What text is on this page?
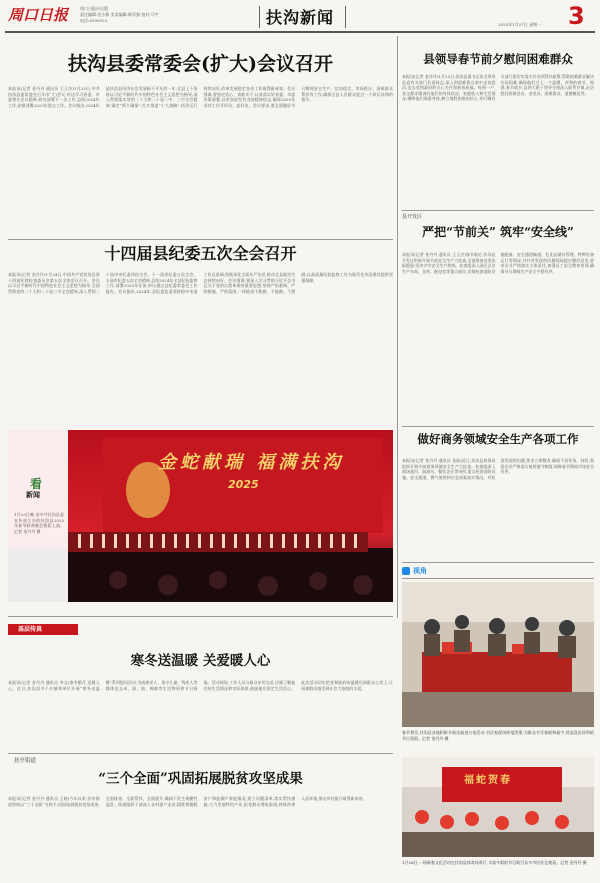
周口日报	周口日报社出版
责任编辑:范小静 美术编辑:路军强 校对:马宇
电话:6199923	扶沟新闻	2025年1月27日 星期一 3
扶沟县委常委会(扩大)会议召开
本报讯(记者 金丹丹 通讯员 王玉杰)1月23日,中共扶沟县委常委会召开(扩大)会议,传达学习省委、市委相关会议精神,研究部署下一步工作,总结2024年工作,安排部署2025年重点工作。会议指出,2024年是扶沟县经济社会发展极不平凡的一年,全县上下坚持以习近平新时代中国特色社会主义思想为指导,深入贯彻落实党的二十大和二十届二中、三中全会精神,锚定“两个确保”,扎实推进“十大战略”,经济运行持续向好,改革发展稳定各项工作取得新成效。会议强调,要坚定信心、真抓实干,认真落实好省委、市委决策部署,以更加奋发有为的精神状态,确保2025年各项工作开好局、起好步。会议要求,要全面做好节日期间安全生产、信访稳定、市场供应、困难群众帮扶等工作,确保全县人民群众度过一个欢乐祥和的春节。
十四届县纪委五次全会召开
本报讯(记者 金丹丹)1月24日,中国共产党扶沟县第十四届纪律检查委员会第五次全体会议召开。会议以习近平新时代中国特色社会主义思想为指导,全面贯彻党的二十大和二十届三中全会精神,深入贯彻二十届中央纪委四次全会、十一届省纪委五次全会、五届市纪委五次全会精神,总结2024年全县纪检监察工作,部署2025年任务,审议通过县纪委常委会工作报告。会议指出,2024年,县纪委监委坚持稳中求进工作总基调,持续深化全面从严治党,推动全县政治生态持续向好。会议强调,要深入学习贯彻习近平总书记关于党的自我革命的重要思想,坚持严的基调、严的措施、严的氛围,一体推进不敢腐、不能腐、不想腐,以高质量纪检监察工作为现代化扶沟建设提供坚强保障。
金蛇献瑞 福满扶沟
2025
看
新闻
1月23日晚,由中共扶沟县委宣传部主办的扶沟县2025年春节联欢晚会精彩上演。记者 金丹丹 摄
县领导春节前夕慰问困难群众
本报讯(记者 金丹丹)1月22日,扶沟县委书记张全带领县直有关部门负责同志,深入到困难群众家中走访慰问,送去党和政府的关心关怀和新春祝福。每到一户,张全都详细询问他们的身体状况、家庭收入和生活情况,嘱咐他们保重身体,树立战胜困难的信心,并叮嘱有关部门要切实落实好各项帮扶政策,帮助困难群众解决实际困难,确保他们过上一个温暖、祥和的春节。据悉,春节前夕,县四大班子领导分别深入联系乡镇,走访慰问困难党员、老党员、困难群众、道德模范等。
县开发区
严把“节前关” 筑牢“安全线”
本报讯(记者 金丹丹 通讯员 王玉杰)春节临近,扶沟县开发区积极开展节前安全生产大检查,全面排查各类风险隐患,坚决守牢安全生产底线。检查组深入园区企业生产车间、仓库、配电室等重点部位,详细检查消防设施配备、安全通道畅通、危化品储存管理、特种设备运行等情况,并针对发现的问题现场提出整改意见,要求企业严格落实主体责任,加强员工安全教育培训,确保节日期间生产安全平稳有序。
做好商务领域安全生产各项工作
本报讯(记者 金丹丹 通讯员 张丽)近日,扶沟县商务局组织开展节前商务领域安全生产大检查。检查组深入商场超市、加油站、餐饮企业等场所,重点检查消防设施、安全通道、燃气使用和应急预案落实情况。对检查发现的问题,要求立即整改,确保不留死角。同时,督促企业严格落实值班值守制度,保障春节期间市场安全有序。
视角
春节将至,扶沟县各地积极开展送福进万家活动,书法家现场挥毫泼墨,为群众书写春联和福字,营造喜庆祥和的节日氛围。记者 金丹丹 摄
福蛇贺春
1月26日,一场新春文化活动在扶沟县体育场举行,丰富多彩的节目吸引众多市民驻足观看。记者 金丹丹 摄
基层传真
寒冬送温暖 关爱暖人心
本报讯(记者 金丹丹 通讯员 李文)寒冬腊月,送暖入心。近日,扶沟县多个乡镇和单位开展“寒冬送温暖”系列慰问活动,为困难老人、留守儿童、残疾人等群体送去米、面、油、棉被等生活物资和节日祝福。活动现场,工作人员与群众亲切交谈,详细了解他们的生活情况和实际困难,鼓励他们坚定生活信心。此次活动切实把党和政府的温暖送到群众心坎上,让困难群众感受到社会大家庭的关爱。
扶亭街道
“三个全面”巩固拓展脱贫攻坚成果
本报讯(记者 金丹丹 通讯员 王晓)今年以来,扶亭街道坚持以“三个全面”为抓手,巩固拓展脱贫攻坚成果,全面排查、全面帮扶、全面提升,确保不发生规模性返贫。街道组织干部深入各村逐户走访,精准掌握脱贫户和监测户家庭情况,建立问题清单,落实帮扶措施;大力发展特色产业,拓宽群众增收渠道;持续改善人居环境,推动乡村振兴取得新成效。
